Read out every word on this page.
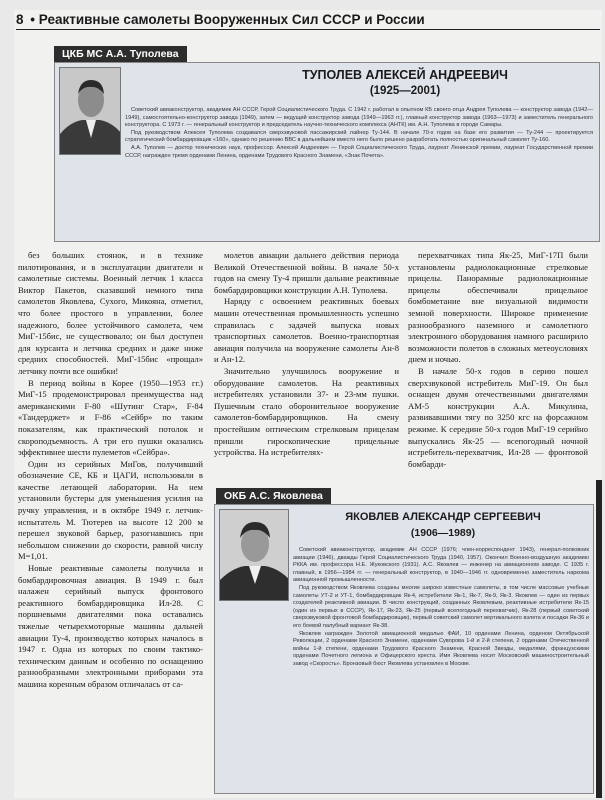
8 • Реактивные самолеты Вооруженных Сил СССР и России
ЦКБ МС А.А. Туполева
ТУПОЛЕВ АЛЕКСЕЙ АНДРЕЕВИЧ
(1925—2001)

Советский авиаконструктор, академик АН СССР, Герой Социалистического Труда. С 1942 г. работал в опытном КБ своего отца Андрея Туполева — конструктор завода (1942—1949), самостоятельно-конструктор завода (1949), затем — ведущий конструктор завода (1949—1963 гг.), главный конструктор завода (1963—1973) и заместитель генерального конструктора. С 1973 г. — генеральный конструктор и председатель научно-технического комплекса (АНТК) им. А.Н. Туполева в городе Самары.

Под руководством Алексея Туполева создавался сверхзвуковой пассажирский лайнер Ту-144. В начале 70-х годов на базе его развития — Ту-244 — проектируется стратегический бомбардировщик «160», однако по решению ВВС в дальнейшем вместо него было решено разработать полностью оригинальный самолет Ту-160.

А.А. Туполев — доктор технических наук, профессор. Алексей Андреевич — Герой Социалистического Труда, лауреат Ленинской премии, лауреат Государственной премии СССР, награжден тремя орденами Ленина, орденами Трудового Красного Знамени, «Знак Почета».

без больших стоянок, и в технике пилотирования, и в эксплуатации двигатели и самолетные системы. Военный летчик 1 класса Виктор Пакетов, сказавший немного типа самолетов Яковлева, Сухого, Микояна, отметил, что более простого в управлении, более надежного, более устойчивого самолета, чем МиГ-15бис, не существовало; он был доступен для курсанта и летчика средних и даже ниже средних способностей. МиГ-15бис «прощал» летчику почти все ошибки!

В период войны в Корее (1950—1953 гг.) МиГ-15 продемонстрировал преимущества над американскими F-80 «Шутинг Стар», F-84 «Тандерджет» и F-86 «Сейбр» по таким показателям, как практический потолок и скороподъемность. А три его пушки оказались эффективнее шести пулеметов «Сейбра».

Один из серийных МиГов, получивший обозначение СЕ, КБ и ЦАГИ, использовали в качестве летающей лаборатории. На нем установили бустеры для уменьшения усилия на ручку управления, и в октябре 1949 г. летчик-испытатель М. Тютерев на высоте 12 200 м перешел звуковой барьер, разогнавшись при небольшом снижении до скорости, равной числу М=1,01.

Новые реактивные самолеты получила и бомбардировочная авиация. В 1949 г. был налажен серийный выпуск фронтового реактивного бомбардировщика Ил-28. С поршневыми двигателями пока оставались тяжелые четырехмоторные машины дальней авиации Ту-4, производство которых началось в 1947 г. Одна из которых по своим тактико-техническим данным и особенно по оснащению разнообразными электронными приборами эта машина коренным образом отличалась от са-

молетов авиации дальнего действия периода Великой Отечественной войны. В начале 50-х годов на смену Ту-4 пришли дальние реактивные бомбардировщики конструкции А.Н. Туполева.

Наряду с освоением реактивных боевых машин отечественная промышленность успешно справилась с задачей выпуска новых транспортных самолетов. Военно-транспортная авиация получила на вооружение самолеты Ан-8 и Ан-12.

Значительно улучшилось вооружение и оборудование самолетов. На реактивных истребителях установили 37- и 23-мм пушки. Пушечным стало оборонительное вооружение самолетов-бомбардировщиков. На смену простейшим оптическим стрелковым прицелам пришли гироскопические прицельные устройства. На истребителях-

перехватчиках типа Як-25, МиГ-17П были установлены радиолокационные стрелковые прицелы. Панорамные радиолокационные прицелы обеспечивали прицельное бомбометание вне визуальной видимости земной поверхности. Широкое применение разнообразного наземного и самолетного электронного оборудования намного расширило возможности полетов в сложных метеоусловиях днем и ночью.

В начале 50-х годов в серию пошел сверхзвуковой истребитель МиГ-19. Он был оснащен двумя отечественными двигателями АМ-5 конструкции А.А. Микулина, развивавшими тягу по 3250 кгс на форсажном режиме. К середине 50-х годов МиГ-19 серийно выпускались Як-25 — всепогодный ночной истребитель-перехватчик, Ил-28 — фронтовой бомбарди-

ОКБ А.С. Яковлева
ЯКОВЛЕВ АЛЕКСАНДР СЕРГЕЕВИЧ
(1906—1989)

Советский авиаконструктор, академик АН СССР (1976; член-корреспондент 1943), генерал-полковник авиации (1946), дважды Герой Социалистического Труда (1940, 1957). Окончил Военно-воздушную академию РККА им. профессора Н.Е. Жуковского (1931). А.С. Яковлев — инженер на авиационном заводе. С 1935 г. главный, в 1956—1984 гг. — генеральный конструктор, в 1940—1946 гг. одновременно заместитель наркома авиационной промышленности.

Под руководством Яковлева созданы многие широко известные самолеты, в том числе массовые учебные самолеты УТ-2 и УТ-1, бомбардировщик Як-4, истребители Як-1, Як-7, Як-9, Як-3. Яковлев — один из первых создателей реактивной авиации. В число конструкций, созданных Яковлевым, реактивные истребители Як-15 (один из первых в СССР), Як-17, Як-23, Як-25 (первый всепогодный перехватчик), Як-28 (первый советский сверхзвуковой фронтовой бомбардировщик), первый советский самолет вертикального взлета и посадки Як-36 и его боевой палубный вариант Як-38.

Яковлев награжден Золотой авиационной медалью ФАИ, 10 орденами Ленина, орденом Октябрьской Революции, 2 орденами Красного Знамени, орденами Суворова 1-й и 2-й степени, 2 орденами Отечественной войны 1-й степени, орденами Трудового Красного Знамени, Красной Звезды, медалями, французскими орденами Почетного легиона и Офицерского креста. Имя Яковлева носит Московский машиностроительный завод «Скорость». Бронзовый бюст Яковлева установлен в Москве.
